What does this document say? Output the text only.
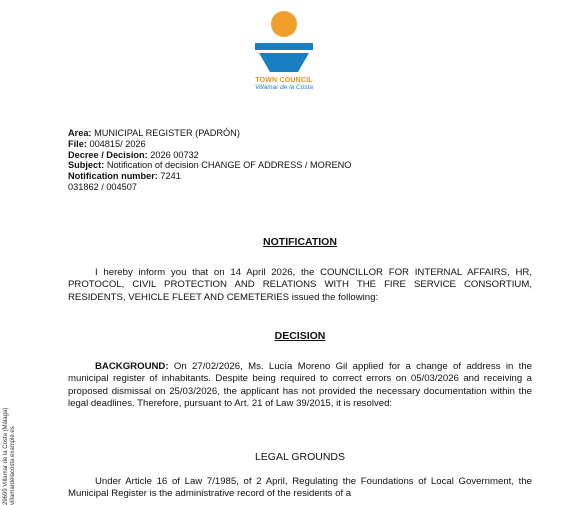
TOWN COUNCIL
Villamar de la Costa
Area: MUNICIPAL REGISTER (PADRÓN)
File: 004815/ 2026
Decree / Decision: 2026 00732
Subject: Notification of decision CHANGE OF ADDRESS / MORENO
Notification number: 7241
031862 / 004507
NOTIFICATION
I hereby inform you that on 14 April 2026, the COUNCILLOR FOR INTERNAL AFFAIRS, HR, PROTOCOL, CIVIL PROTECTION AND RELATIONS WITH THE FIRE SERVICE CONSORTIUM, RESIDENTS, VEHICLE FLEET AND CEMETERIES issued the following:
DECISION
BACKGROUND: On 27/02/2026, Ms. Lucía Moreno Gil applied for a change of address in the municipal register of inhabitants. Despite being required to correct errors on 05/03/2026 and receiving a proposed dismissal on 25/03/2026, the applicant has not provided the necessary documentation within the legal deadlines. Therefore, pursuant to Art. 21 of Law 39/2015, it is resolved:
LEGAL GROUNDS
Under Article 16 of Law 7/1985, of 2 April, Regulating the Foundations of Local Government, the Municipal Register is the administrative record of the residents of a
29699 Villamar de la Costa (Málaga) villamardelacosta.example.es
